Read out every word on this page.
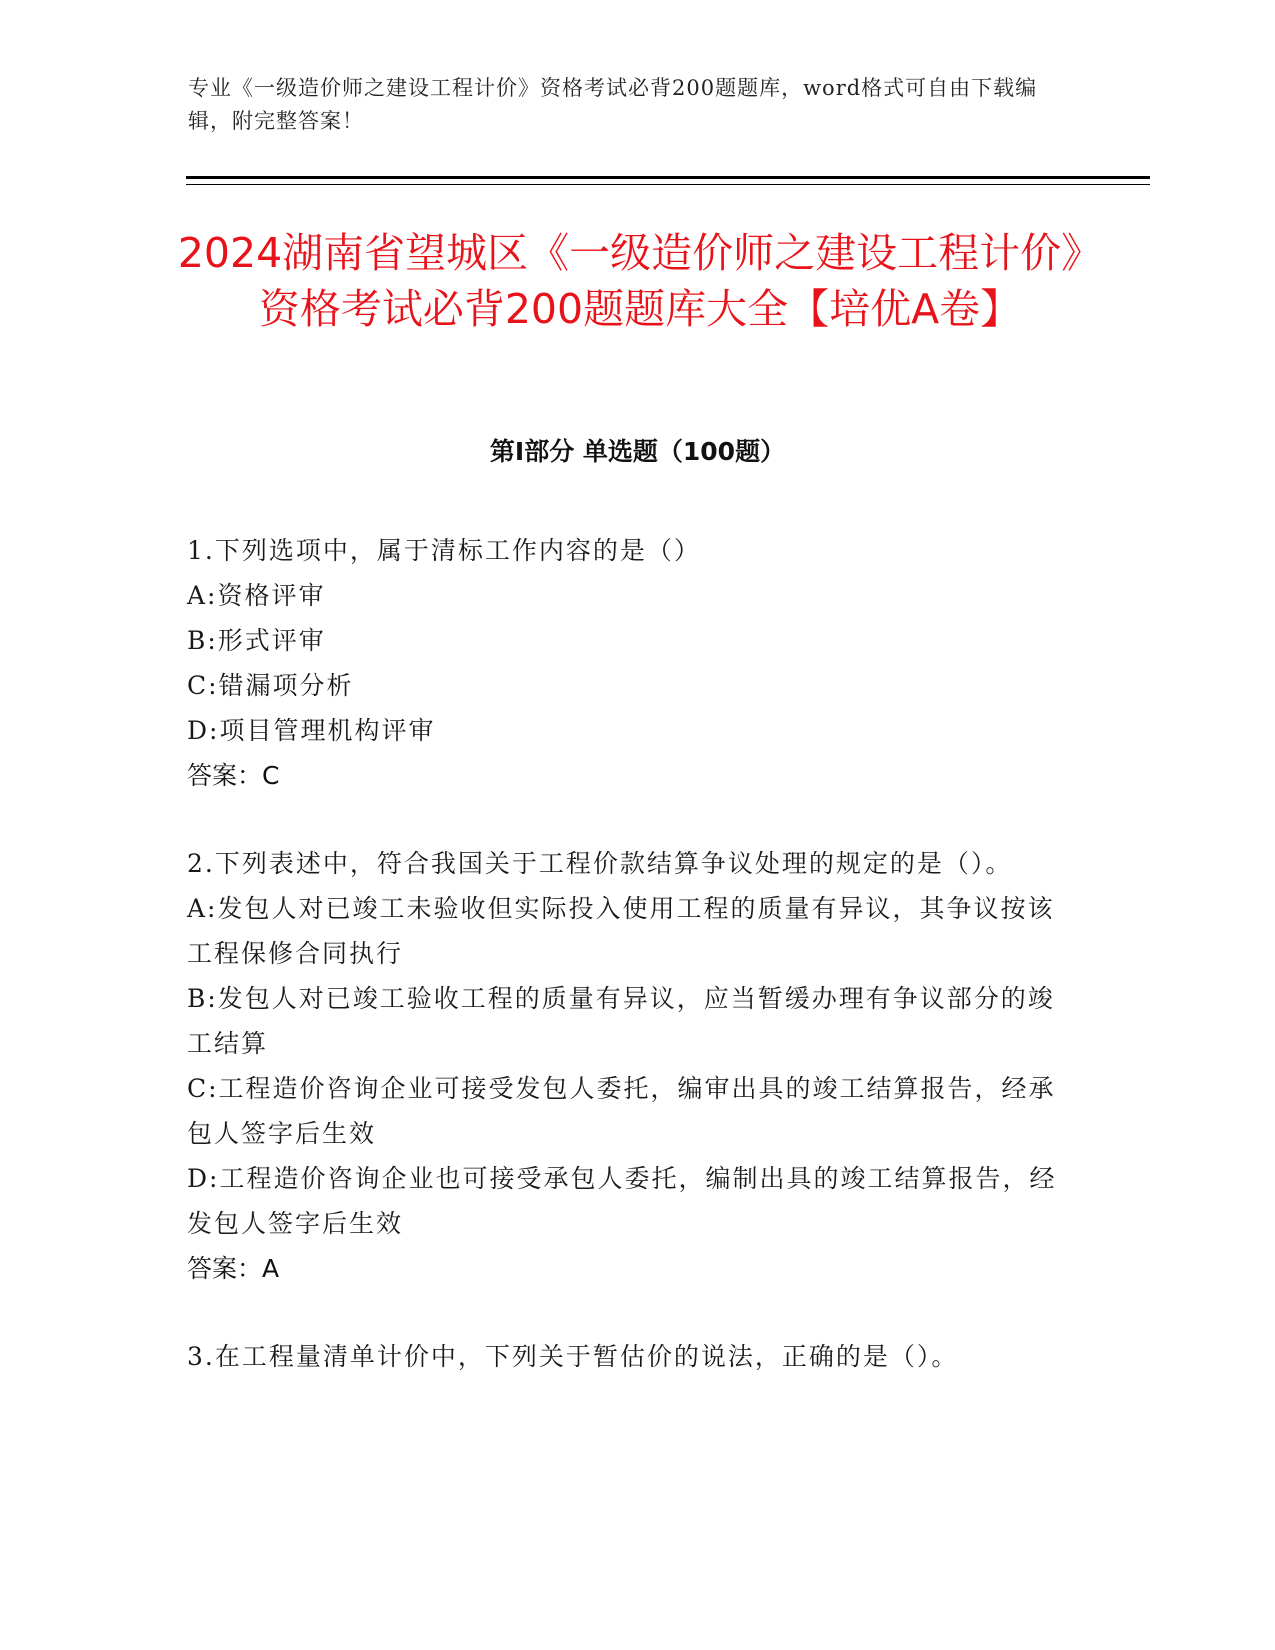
专业《一级造价师之建设工程计价》资格考试必背200题题库，word格式可自由下载编辑，附完整答案！
2024湖南省望城区《一级造价师之建设工程计价》资格考试必背200题题库大全【培优A卷】
第I部分 单选题（100题）
1.下列选项中，属于清标工作内容的是（）
A:资格评审
B:形式评审
C:错漏项分析
D:项目管理机构评审
答案：C
2.下列表述中，符合我国关于工程价款结算争议处理的规定的是（）。
A:发包人对已竣工未验收但实际投入使用工程的质量有异议，其争议按该工程保修合同执行
B:发包人对已竣工验收工程的质量有异议，应当暂缓办理有争议部分的竣工结算
C:工程造价咨询企业可接受发包人委托，编审出具的竣工结算报告，经承包人签字后生效
D:工程造价咨询企业也可接受承包人委托，编制出具的竣工结算报告，经发包人签字后生效
答案：A
3.在工程量清单计价中，下列关于暂估价的说法，正确的是（）。
